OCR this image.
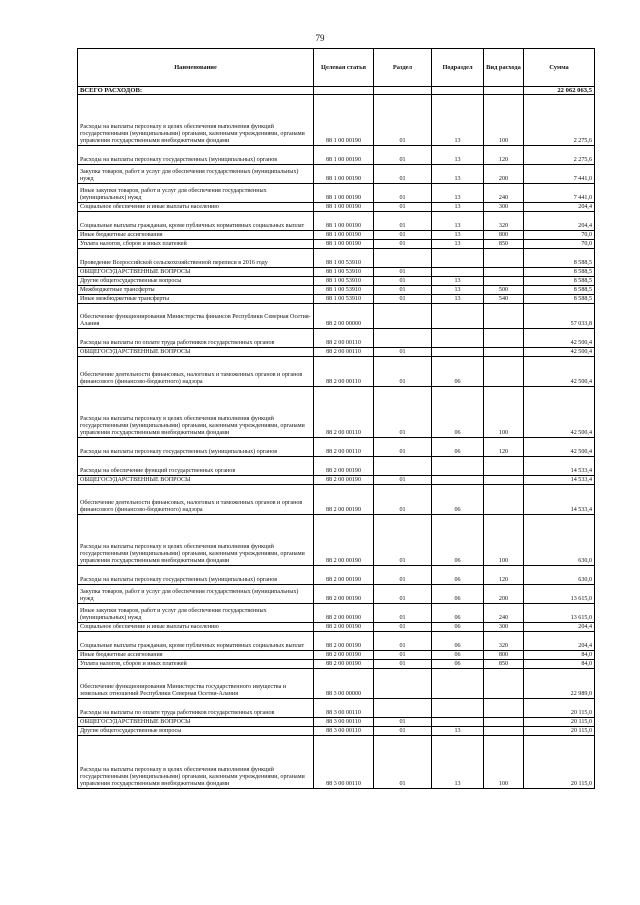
79
Наименование	Целевая статья	Раздел	Подраздел	Вид расхода	Сумма
ВСЕГО РАСХОДОВ:					22 062 063,5
Расходы на выплаты персоналу в целях обеспечения выполнения функций государственными (муниципальными) органами, казенными учреждениями, органами управления государственными внебюджетными фондами	88 1 00 00190	01	13	100	2 275,6
Расходы на выплаты персоналу государственных (муниципальных) органов	88 1 00 00190	01	13	120	2 275,6
Закупка товаров, работ и услуг для обеспечения государственных (муниципальных) нужд	88 1 00 00190	01	13	200	7 441,0
Иные закупки товаров, работ и услуг для обеспечения государственных (муниципальных) нужд	88 1 00 00190	01	13	240	7 441,0
Социальное обеспечение и иные выплаты населению	88 1 00 00190	01	13	300	204,4
Социальные выплаты гражданам, кроме публичных нормативных социальных выплат	88 1 00 00190	01	13	320	204,4
Иные бюджетные ассигнования	88 1 00 00190	01	13	800	70,0
Уплата налогов, сборов и иных платежей	88 1 00 00190	01	13	850	70,0
Проведение Всероссийской сельскохозяйственной переписи в 2016 году	88 1 00 53910				8 588,5
ОБЩЕГОСУДАРСТВЕННЫЕ ВОПРОСЫ	88 1 00 53910	01			8 588,5
Другие общегосударственные вопросы	88 1 00 53910	01	13		8 588,5
Межбюджетные трансферты	88 1 00 53910	01	13	500	8 588,5
Иные межбюджетные трансферты	88 1 00 53910	01	13	540	8 588,5
Обеспечение функционирования Министерства финансов Республики Северная Осетия-Алания	88 2 00 00000				57 033,8
Расходы на выплаты по оплате труда работников государственных органов	88 2 00 00110				42 500,4
ОБЩЕГОСУДАРСТВЕННЫЕ ВОПРОСЫ	88 2 00 00110	01			42 500,4
Обеспечение деятельности финансовых, налоговых и таможенных органов и органов финансового (финансово-бюджетного) надзора	88 2 00 00110	01	06		42 500,4
Расходы на выплаты персоналу в целях обеспечения выполнения функций государственными (муниципальными) органами, казенными учреждениями, органами управления государственными внебюджетными фондами	88 2 00 00110	01	06	100	42 500,4
Расходы на выплаты персоналу государственных (муниципальных) органов	88 2 00 00110	01	06	120	42 500,4
Расходы на обеспечение функций государственных органов	88 2 00 00190				14 533,4
ОБЩЕГОСУДАРСТВЕННЫЕ ВОПРОСЫ	88 2 00 00190	01			14 533,4
Обеспечение деятельности финансовых, налоговых и таможенных органов и органов финансового (финансово-бюджетного) надзора	88 2 00 00190	01	06		14 533,4
Расходы на выплаты персоналу в целях обеспечения выполнения функций государственными (муниципальными) органами, казенными учреждениями, органами управления государственными внебюджетными фондами	88 2 00 00190	01	06	100	630,0
Расходы на выплаты персоналу государственных (муниципальных) органов	88 2 00 00190	01	06	120	630,0
Закупка товаров, работ и услуг для обеспечения государственных (муниципальных) нужд	88 2 00 00190	01	06	200	13 615,0
Иные закупки товаров, работ и услуг для обеспечения государственных (муниципальных) нужд	88 2 00 00190	01	06	240	13 615,0
Социальное обеспечение и иные выплаты населению	88 2 00 00190	01	06	300	204,4
Социальные выплаты гражданам, кроме публичных нормативных социальных выплат	88 2 00 00190	01	06	320	204,4
Иные бюджетные ассигнования	88 2 00 00190	01	06	800	84,0
Уплата налогов, сборов и иных платежей	88 2 00 00190	01	06	850	84,0
Обеспечение функционирования Министерства государственного имущества и земельных отношений Республики Северная Осетия-Алания	88 3 00 00000				22 989,0
Расходы на выплаты по оплате труда работников государственных органов	88 3 00 00110				20 115,0
ОБЩЕГОСУДАРСТВЕННЫЕ ВОПРОСЫ	88 3 00 00110	01			20 115,0
Другие общегосударственные вопросы	88 3 00 00110	01	13		20 115,0
Расходы на выплаты персоналу в целях обеспечения выполнения функций государственными (муниципальными) органами, казенными учреждениями, органами управления государственными внебюджетными фондами	88 3 00 00110	01	13	100	20 115,0
